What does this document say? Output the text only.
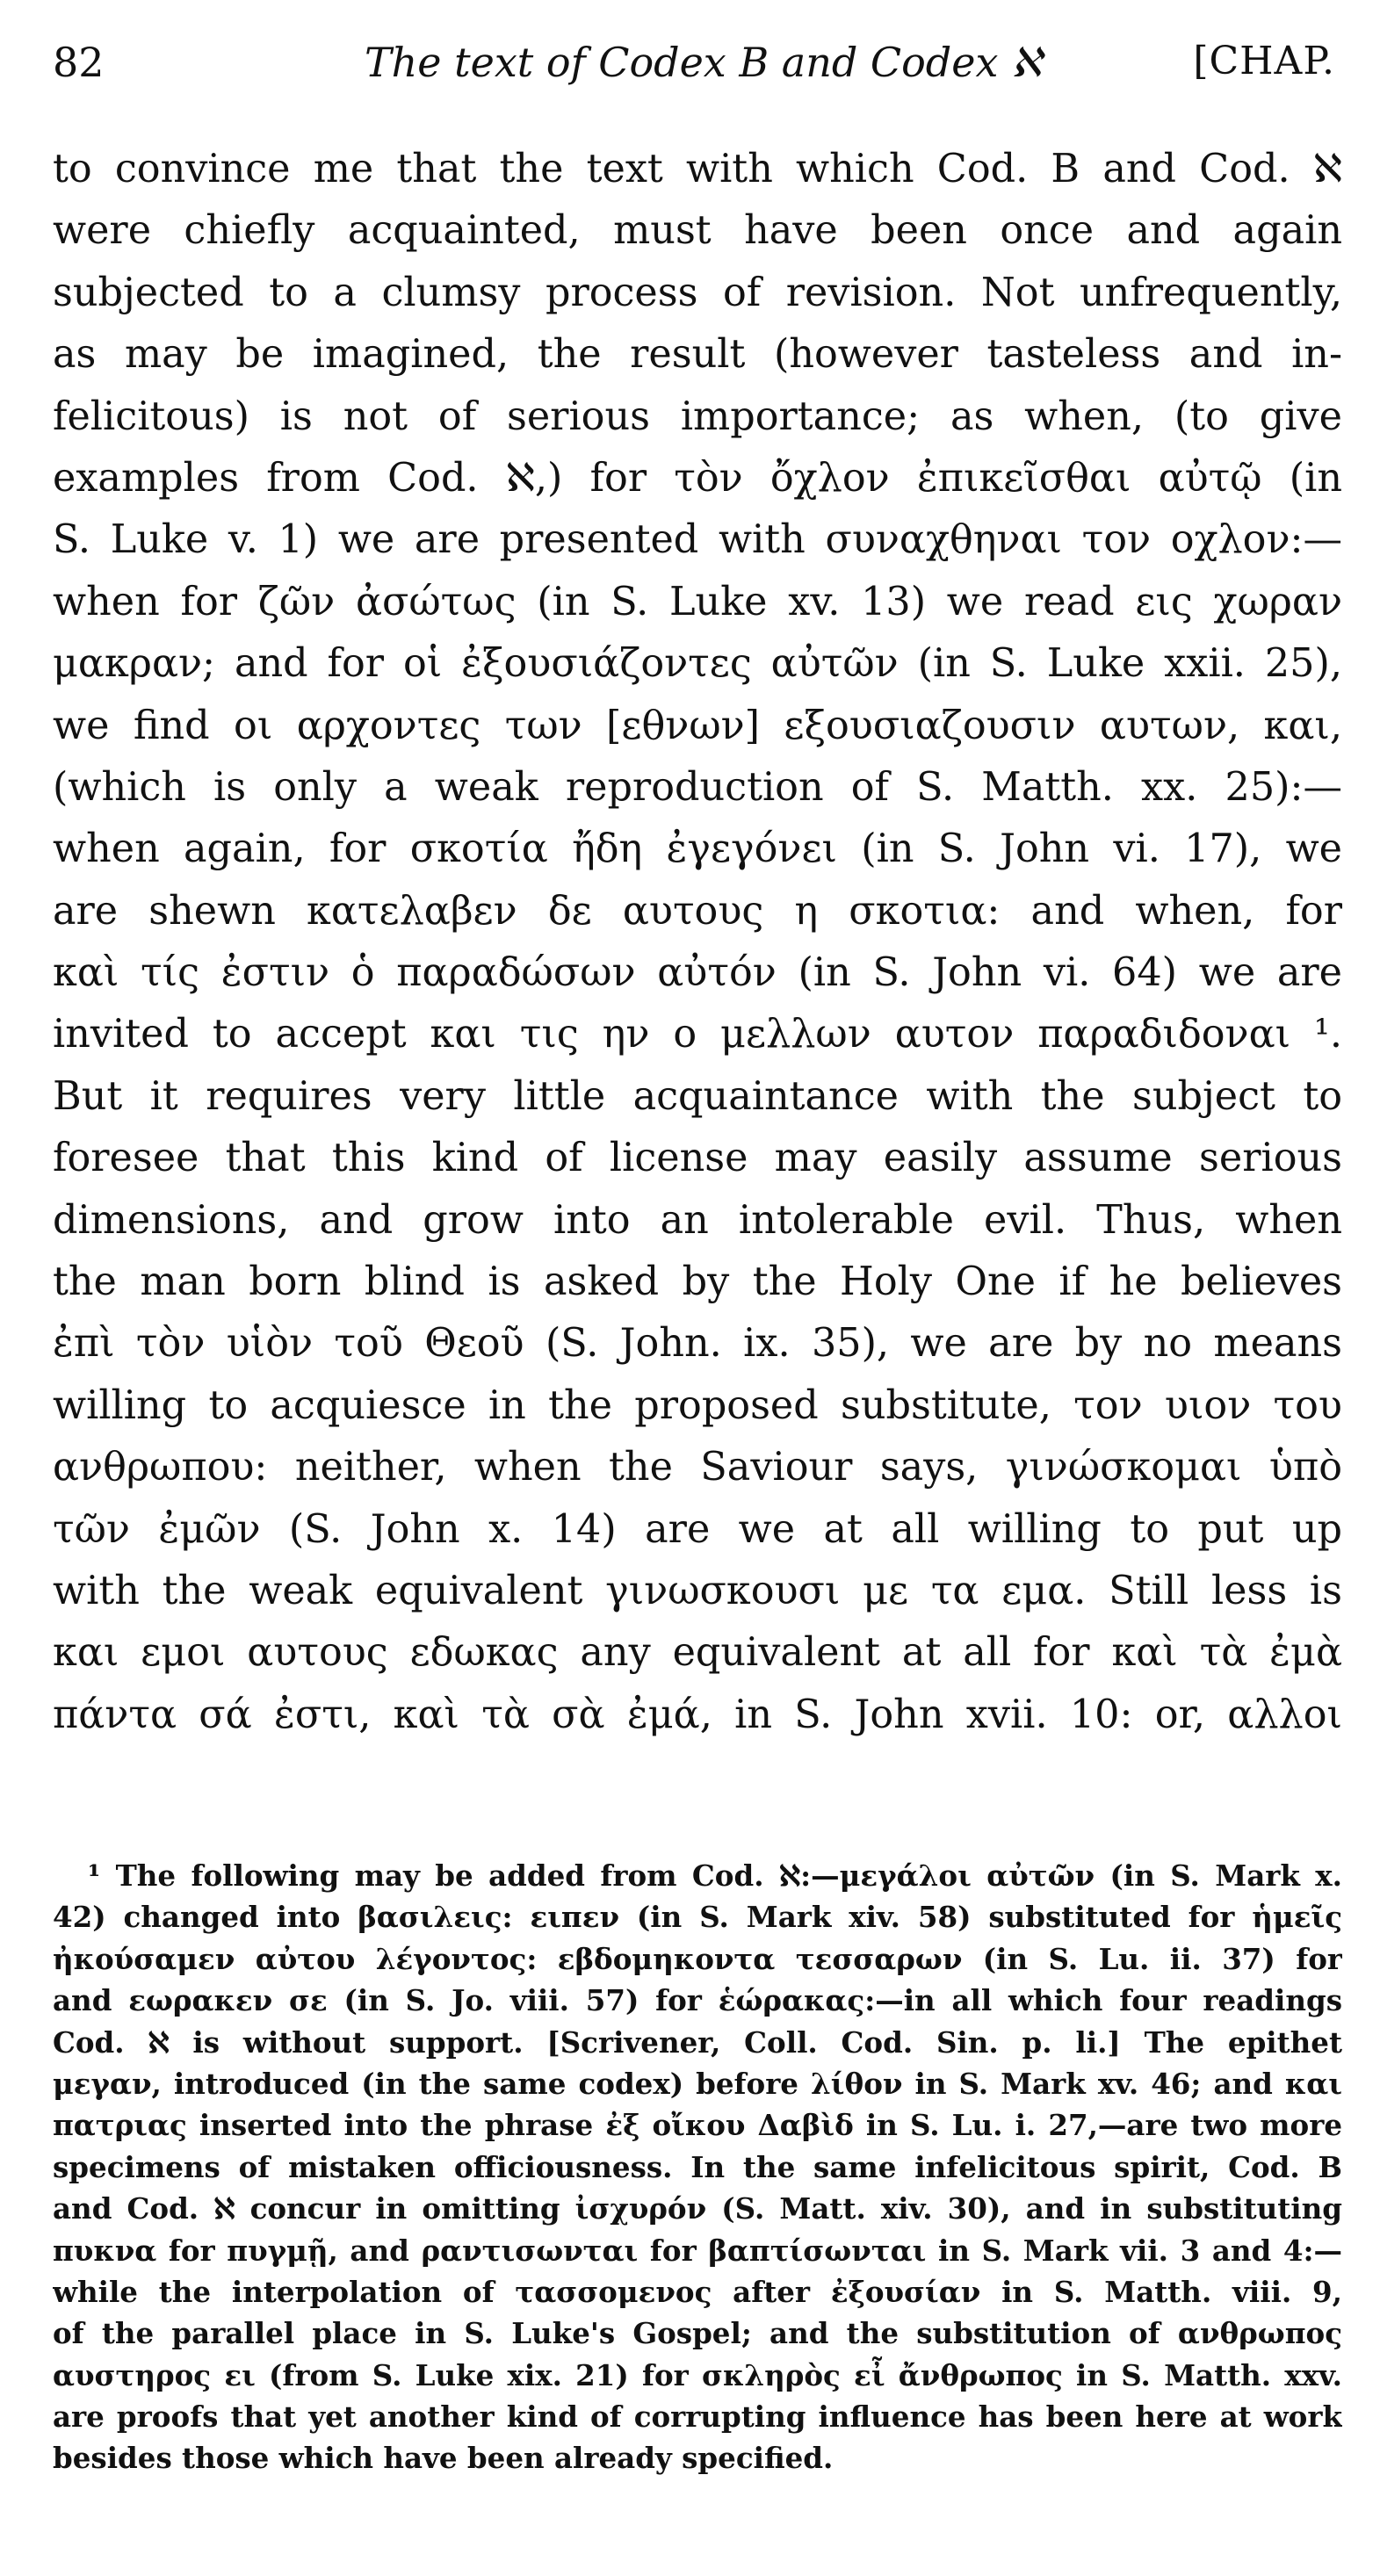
82	The text of Codex B and Codex ℵ	[CHAP.
to convince me that the text with which Cod. B and Cod. ℵ
were chiefly acquainted, must have been once and again
subjected to a clumsy process of revision. Not unfrequently,
as may be imagined, the result (however tasteless and in-
felicitous) is not of serious importance; as when, (to give
examples from Cod. ℵ,) for τὸν ὄχλον ἐπικεῖσθαι αὐτῷ (in
S. Luke v. 1) we are presented with συναχθηναι τον οχλον:—
when for ζῶν ἀσώτως (in S. Luke xv. 13) we read εις χωραν
μακραν; and for οἱ ἐξουσιάζοντες αὐτῶν (in S. Luke xxii. 25),
we find οι αρχοντες των [εθνων] εξουσιαζουσιν αυτων, και,
(which is only a weak reproduction of S. Matth. xx. 25):—
when again, for σκοτία ἤδη ἐγεγόνει (in S. John vi. 17), we
are shewn κατελαβεν δε αυτους η σκοτια: and when, for
καὶ τίς ἐστιν ὁ παραδώσων αὐτόν (in S. John vi. 64) we are
invited to accept και τις ην ο μελλων αυτον παραδιδοναι ¹.
But it requires very little acquaintance with the subject to
foresee that this kind of license may easily assume serious
dimensions, and grow into an intolerable evil. Thus, when
the man born blind is asked by the Holy One if he believes
ἐπὶ τὸν υἱὸν τοῦ Θεοῦ (S. John. ix. 35), we are by no means
willing to acquiesce in the proposed substitute, τον υιον του
ανθρωπου: neither, when the Saviour says, γινώσκομαι ὑπὸ
τῶν ἐμῶν (S. John x. 14) are we at all willing to put up
with the weak equivalent γινωσκουσι με τα εμα. Still less is
και εμοι αυτους εδωκας any equivalent at all for καὶ τὰ ἐμὰ
πάντα σά ἐστι, καὶ τὰ σὰ ἐμά, in S. John xvii. 10: or, αλλοι
¹ The following may be added from Cod. ℵ:—μεγάλοι αὐτῶν (in S. Mark x.
42) changed into βασιλεις: ειπεν (in S. Mark xiv. 58) substituted for ἡμεῖς
ἠκούσαμεν αὐτου λέγοντος: εβδομηκοντα τεσσαρων (in S. Lu. ii. 37) for
and εωρακεν σε (in S. Jo. viii. 57) for ἑώρακας:—in all which four readings
Cod. ℵ is without support. [Scrivener, Coll. Cod. Sin. p. li.] The epithet
μεγαν, introduced (in the same codex) before λίθον in S. Mark xv. 46; and και
πατριας inserted into the phrase ἐξ οἴκου Δαβὶδ in S. Lu. i. 27,—are two more
specimens of mistaken officiousness. In the same infelicitous spirit, Cod. B
and Cod. ℵ concur in omitting ἰσχυρόν (S. Matt. xiv. 30), and in substituting
πυκνα for πυγμῇ, and ραντισωνται for βαπτίσωνται in S. Mark vii. 3 and 4:—
while the interpolation of τασσομενος after ἐξουσίαν in S. Matth. viii. 9,
of the parallel place in S. Luke's Gospel; and the substitution of ανθρωπος
αυστηρος ει (from S. Luke xix. 21) for σκληρὸς εἶ ἄνθρωπος in S. Matth. xxv.
are proofs that yet another kind of corrupting influence has been here at work
besides those which have been already specified.
